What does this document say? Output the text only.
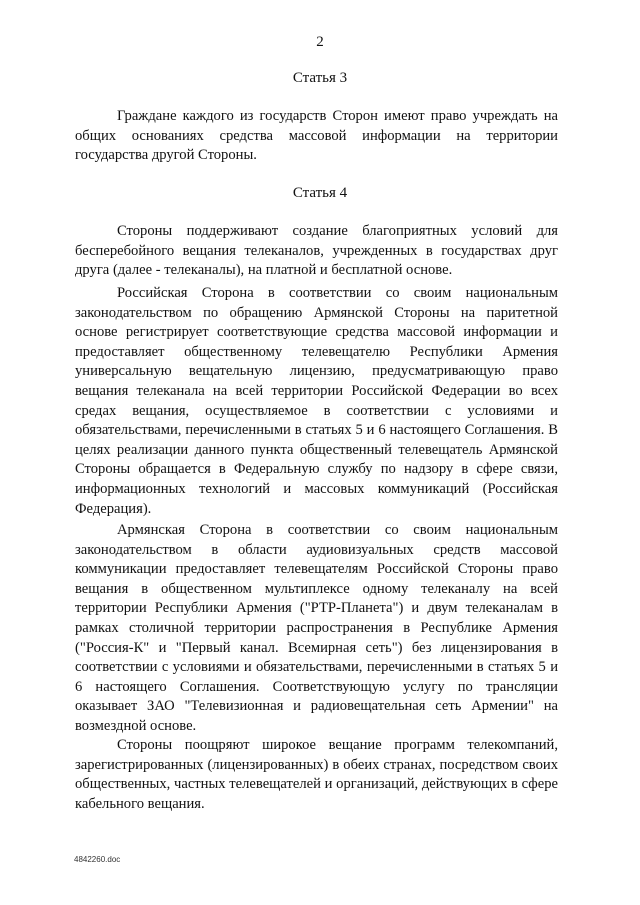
2
Статья 3

Граждане каждого из государств Сторон имеют право учреждать на общих основаниях средства массовой информации на территории государства другой Стороны.

Статья 4

Стороны поддерживают создание благоприятных условий для бесперебойного вещания телеканалов, учрежденных в государствах друг друга (далее - телеканалы), на платной и бесплатной основе.

Российская Сторона в соответствии со своим национальным законодательством по обращению Армянской Стороны на паритетной основе регистрирует соответствующие средства массовой информации и предоставляет общественному телевещателю Республики Армения универсальную вещательную лицензию, предусматривающую право вещания телеканала на всей территории Российской Федерации во всех средах вещания, осуществляемое в соответствии с условиями и обязательствами, перечисленными в статьях 5 и 6 настоящего Соглашения. В целях реализации данного пункта общественный телевещатель Армянской Стороны обращается в Федеральную службу по надзору в сфере связи, информационных технологий и массовых коммуникаций (Российская Федерация).

Армянская Сторона в соответствии со своим национальным законодательством в области аудиовизуальных средств массовой коммуникации предоставляет телевещателям Российской Стороны право вещания в общественном мультиплексе одному телеканалу на всей территории Республики Армения ("РТР-Планета") и двум телеканалам в рамках столичной территории распространения в Республике Армения ("Россия-К" и "Первый канал. Всемирная сеть") без лицензирования в соответствии с условиями и обязательствами, перечисленными в статьях 5 и 6 настоящего Соглашения. Соответствующую услугу по трансляции оказывает ЗАО "Телевизионная и радиовещательная сеть Армении" на возмездной основе.

Стороны поощряют широкое вещание программ телекомпаний, зарегистрированных (лицензированных) в обеих странах, посредством своих общественных, частных телевещателей и организаций, действующих в сфере кабельного вещания.

4842260.doc
